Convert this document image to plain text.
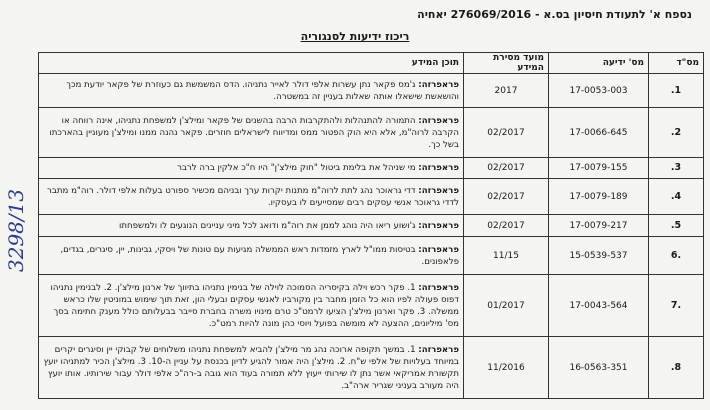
נספח א' לתעודת חיסיון בס.א - 276069/2016 יאחיה
ריכוז ידיעות לסנגוריה
3298/13
מס"ד	מס' ידיעה	מועד מסירת המידע	תוכן המידע
1.	17-0053-003	2017	פראפרזה: ג'מס פקאר נתן עשרות אלפי דולר לאייר נתניהו. הדס המשמשת גם כעוזרת של פקאר יודעת מכך והושאשת שישאלו אותה שאלות בעניין זה במשטרה.
2.	17-0066-645	02/2017	פראפרזה: התמורה להתנהלות ולהתקרבות הרבה בהשנים של פקאר ומילצ'ן למשפחת נתניהו, אינה רווחה או הקרבה לרוה"מ, אלא היא הוק הפטור ממס ומדיווח לישראלים חוזרים. פקאר נהנה ממנו ומילצ'ן מעוניין בהארכתו בשל כך.
3.	17-0079-155	02/2017	פראפרזה: מי שניהל את בלימת ביטול "חוק מילצ'ן" היו ח"כ אלקין ברה לרבר
4.	17-0079-189	02/2017	פראפרזה: דדי גראוכר נהג לתת לרוה"מ מתנות יקרות ערך ובניהם מכשיר ספורט בעלות אלפי דולר. רוה"מ מתבר לדדי גראוכר אנשי עסקים רבים שמסייעים לו בעסקיו.
5.	17-0079-217	02/2017	פראפרזה: ג'ושוע ריאו היה נוהג לממן את רוה"מ ודואג לכל מיני עניינים הנוגעים לו ולמשפחתו
.6	15-0539-537	11/15	פראפרזה: בטיסות ממו"ל לארץ מזמדות ראש הממשלה מגיעות עם טונות של ויסקי, גבינות, יין, סיגרים, בגדים, פלאפונים.
.7	17-0043-564	01/2017	פראפרזה: 1. פקר רכש וילה בקיסריה הסמוכה לוילה של בנימין נתניהו בתיווך של ארנון מילצ'ן. 2. לבנימין נתניהו דפוס פעולה לפיו הוא כל הזמן מחבר בין מקורביו לאנשי עסקים ובעלי הון, זאת תוך שימוש במוניטין שלו כראש ממשלה. 3. פקר וארנון מילצ'ן הציעו לרמט"כ טרם מינויו משרה בחברת סייבר בבעלותם כולל מענק חתימה בסך מס' מיליונים, ההצעה לא מומשה בפועל ויוסי כהן מונה להיות רמט"כ.
8.	16-0563-351	11/2016	פראפרזה: 1. במשך תקופה ארוכה נהג מר מילצ'ן להביא למשפחת נתניהו משלוחים של קבוקי יין וסיגרים יקרים במיוחד בעלויות של אלפי ש"ח. 2. מילצ'ן היה אמור להגיע לדיון בכנסת על עניין ה-10. 3. מילצ'ן הכיר למתניהו יועץ תקשורת אמריקאי אשר נתן לו שירותי ייעוץ ללא תמורה בעוד הוא גובה ב-רה"כ אלפי דולר עבור שירותיו. אותו יועץ היה מעורב בעניני שגריר ארה"ב.
